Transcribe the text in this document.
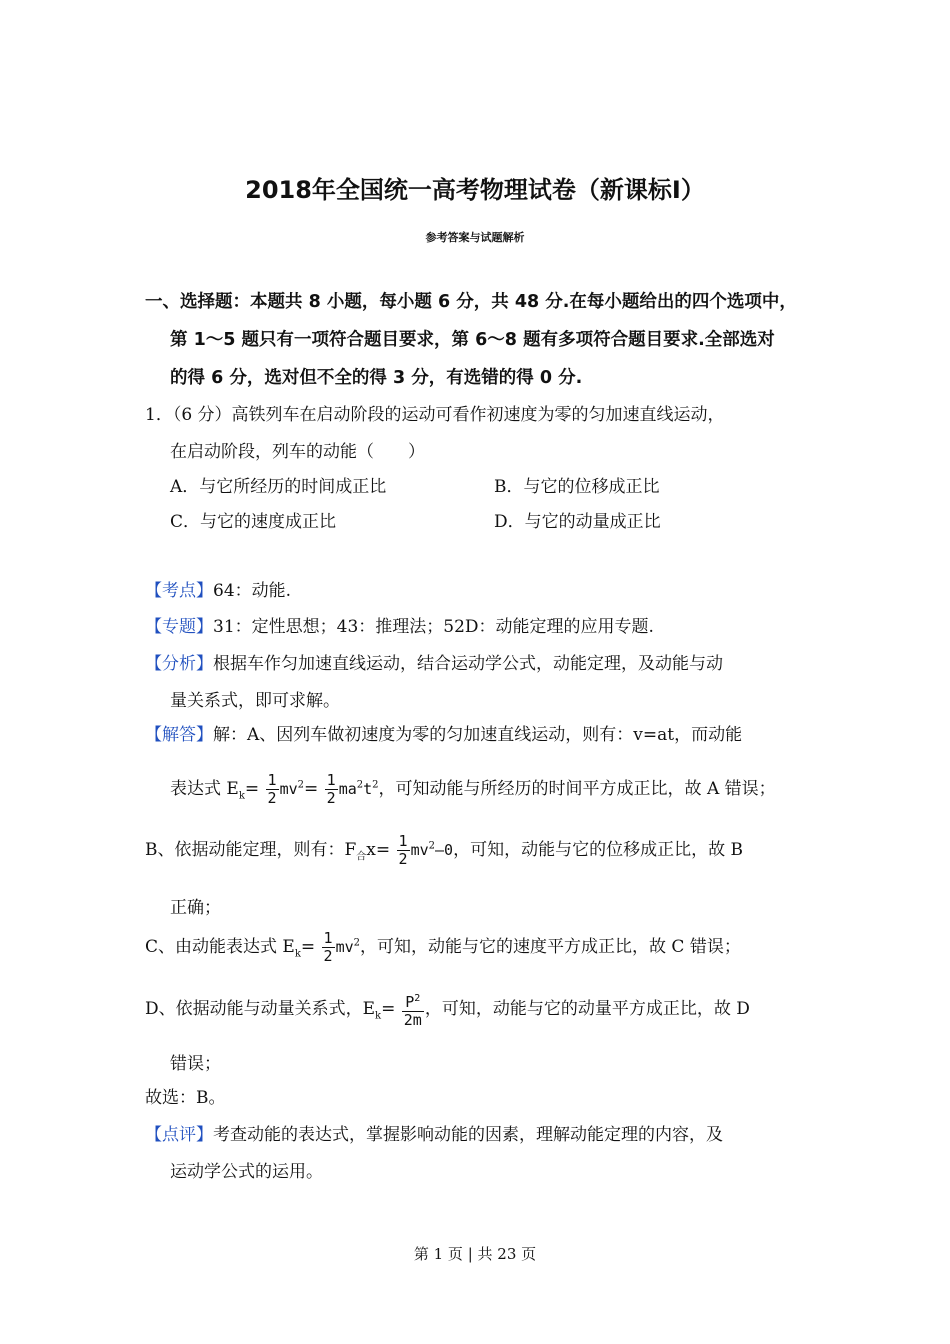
2018年全国统一高考物理试卷（新课标Ⅰ）
参考答案与试题解析
一、选择题：本题共 8 小题，每小题 6 分，共 48 分.在每小题给出的四个选项中，
第 1～5 题只有一项符合题目要求，第 6～8 题有多项符合题目要求.全部选对
的得 6 分，选对但不全的得 3 分，有选错的得 0 分.
1．（6 分）高铁列车在启动阶段的运动可看作初速度为零的匀加速直线运动，
在启动阶段，列车的动能（　　）
A．与它所经历的时间成正比	B．与它的位移成正比
C．与它的速度成正比	D．与它的动量成正比
【考点】64：动能.
【专题】31：定性思想；43：推理法；52D：动能定理的应用专题.
【分析】根据车作匀加速直线运动，结合运动学公式，动能定理，及动能与动
量关系式，即可求解。
【解答】解：A、因列车做初速度为零的匀加速直线运动，则有：v=at，而动能
表达式 $E_k= \frac{1}{2} mv^2= \frac{1}{2} ma^2t^2$，可知动能与所经历的时间平方成正比，故 A 错误；
B、依据动能定理，则有：$F_合x= \frac{1}{2} mv^2-0$，可知，动能与它的位移成正比，故 B
正确；
C、由动能表达式 $E_k= \frac{1}{2} mv^2$，可知，动能与它的速度平方成正比，故 C 错误；
D、依据动能与动量关系式，$E_k= \frac{P^2}{2m}$ ，可知，动能与它的动量平方成正比，故 D
错误；
故选：B。
【点评】考查动能的表达式，掌握影响动能的因素，理解动能定理的内容，及
运动学公式的运用。
第 1 页 | 共 23 页
